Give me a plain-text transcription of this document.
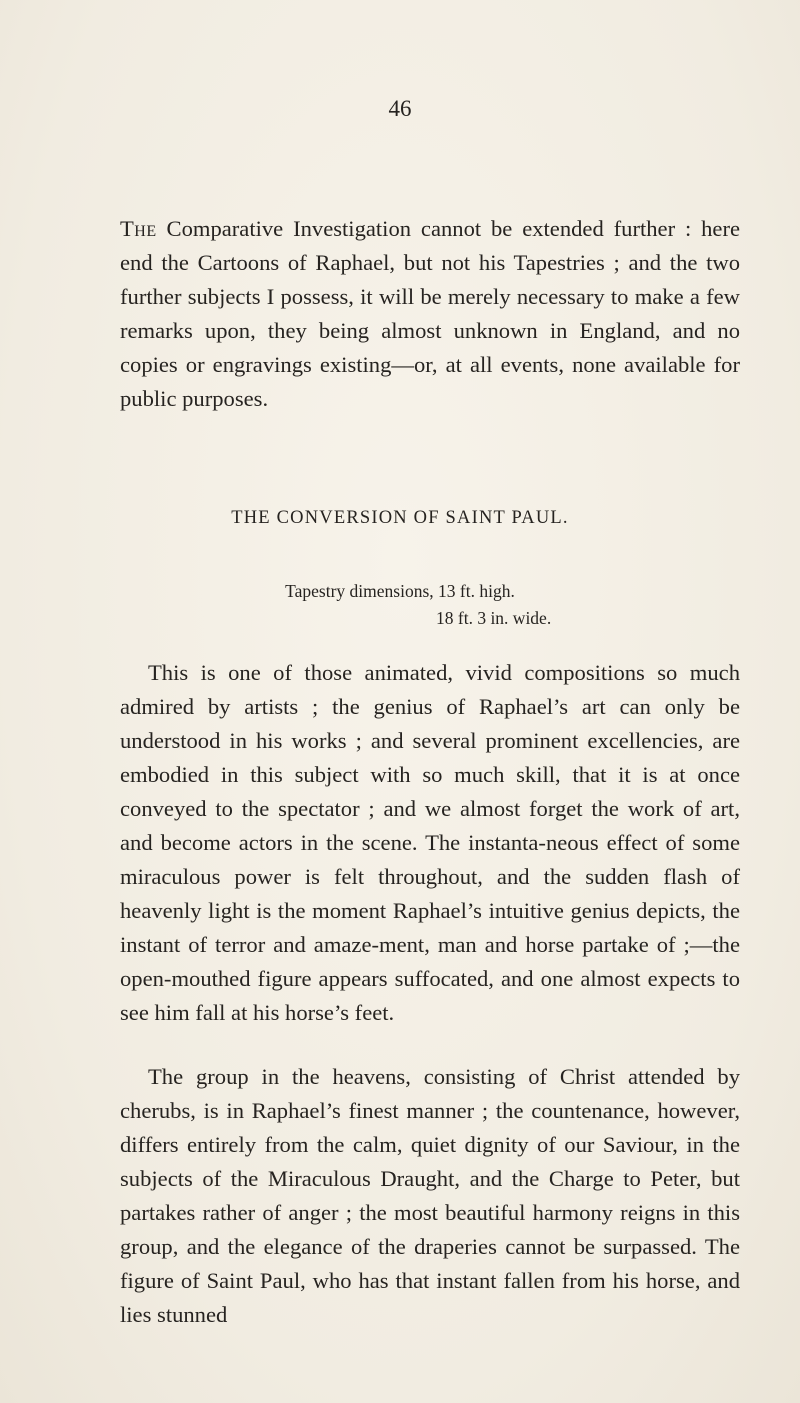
46

The Comparative Investigation cannot be extended further : here end the Cartoons of Raphael, but not his Tapestries ; and the two further subjects I possess, it will be merely necessary to make a few remarks upon, they being almost unknown in England, and no copies or engravings existing—or, at all events, none available for public purposes.

THE CONVERSION OF SAINT PAUL.
Tapestry dimensions, 13 ft. high.
18 ft. 3 in. wide.

This is one of those animated, vivid compositions so much admired by artists ; the genius of Raphael’s art can only be understood in his works ; and several prominent excellencies, are embodied in this subject with so much skill, that it is at once conveyed to the spectator ; and we almost forget the work of art, and become actors in the scene. The instanta-neous effect of some miraculous power is felt throughout, and the sudden flash of heavenly light is the moment Raphael’s intuitive genius depicts, the instant of terror and amaze-ment, man and horse partake of ;—the open-mouthed figure appears suffocated, and one almost expects to see him fall at his horse’s feet.

The group in the heavens, consisting of Christ attended by cherubs, is in Raphael’s finest manner ; the countenance, however, differs entirely from the calm, quiet dignity of our Saviour, in the subjects of the Miraculous Draught, and the Charge to Peter, but partakes rather of anger ; the most beautiful harmony reigns in this group, and the elegance of the draperies cannot be surpassed. The figure of Saint Paul, who has that instant fallen from his horse, and lies stunned
